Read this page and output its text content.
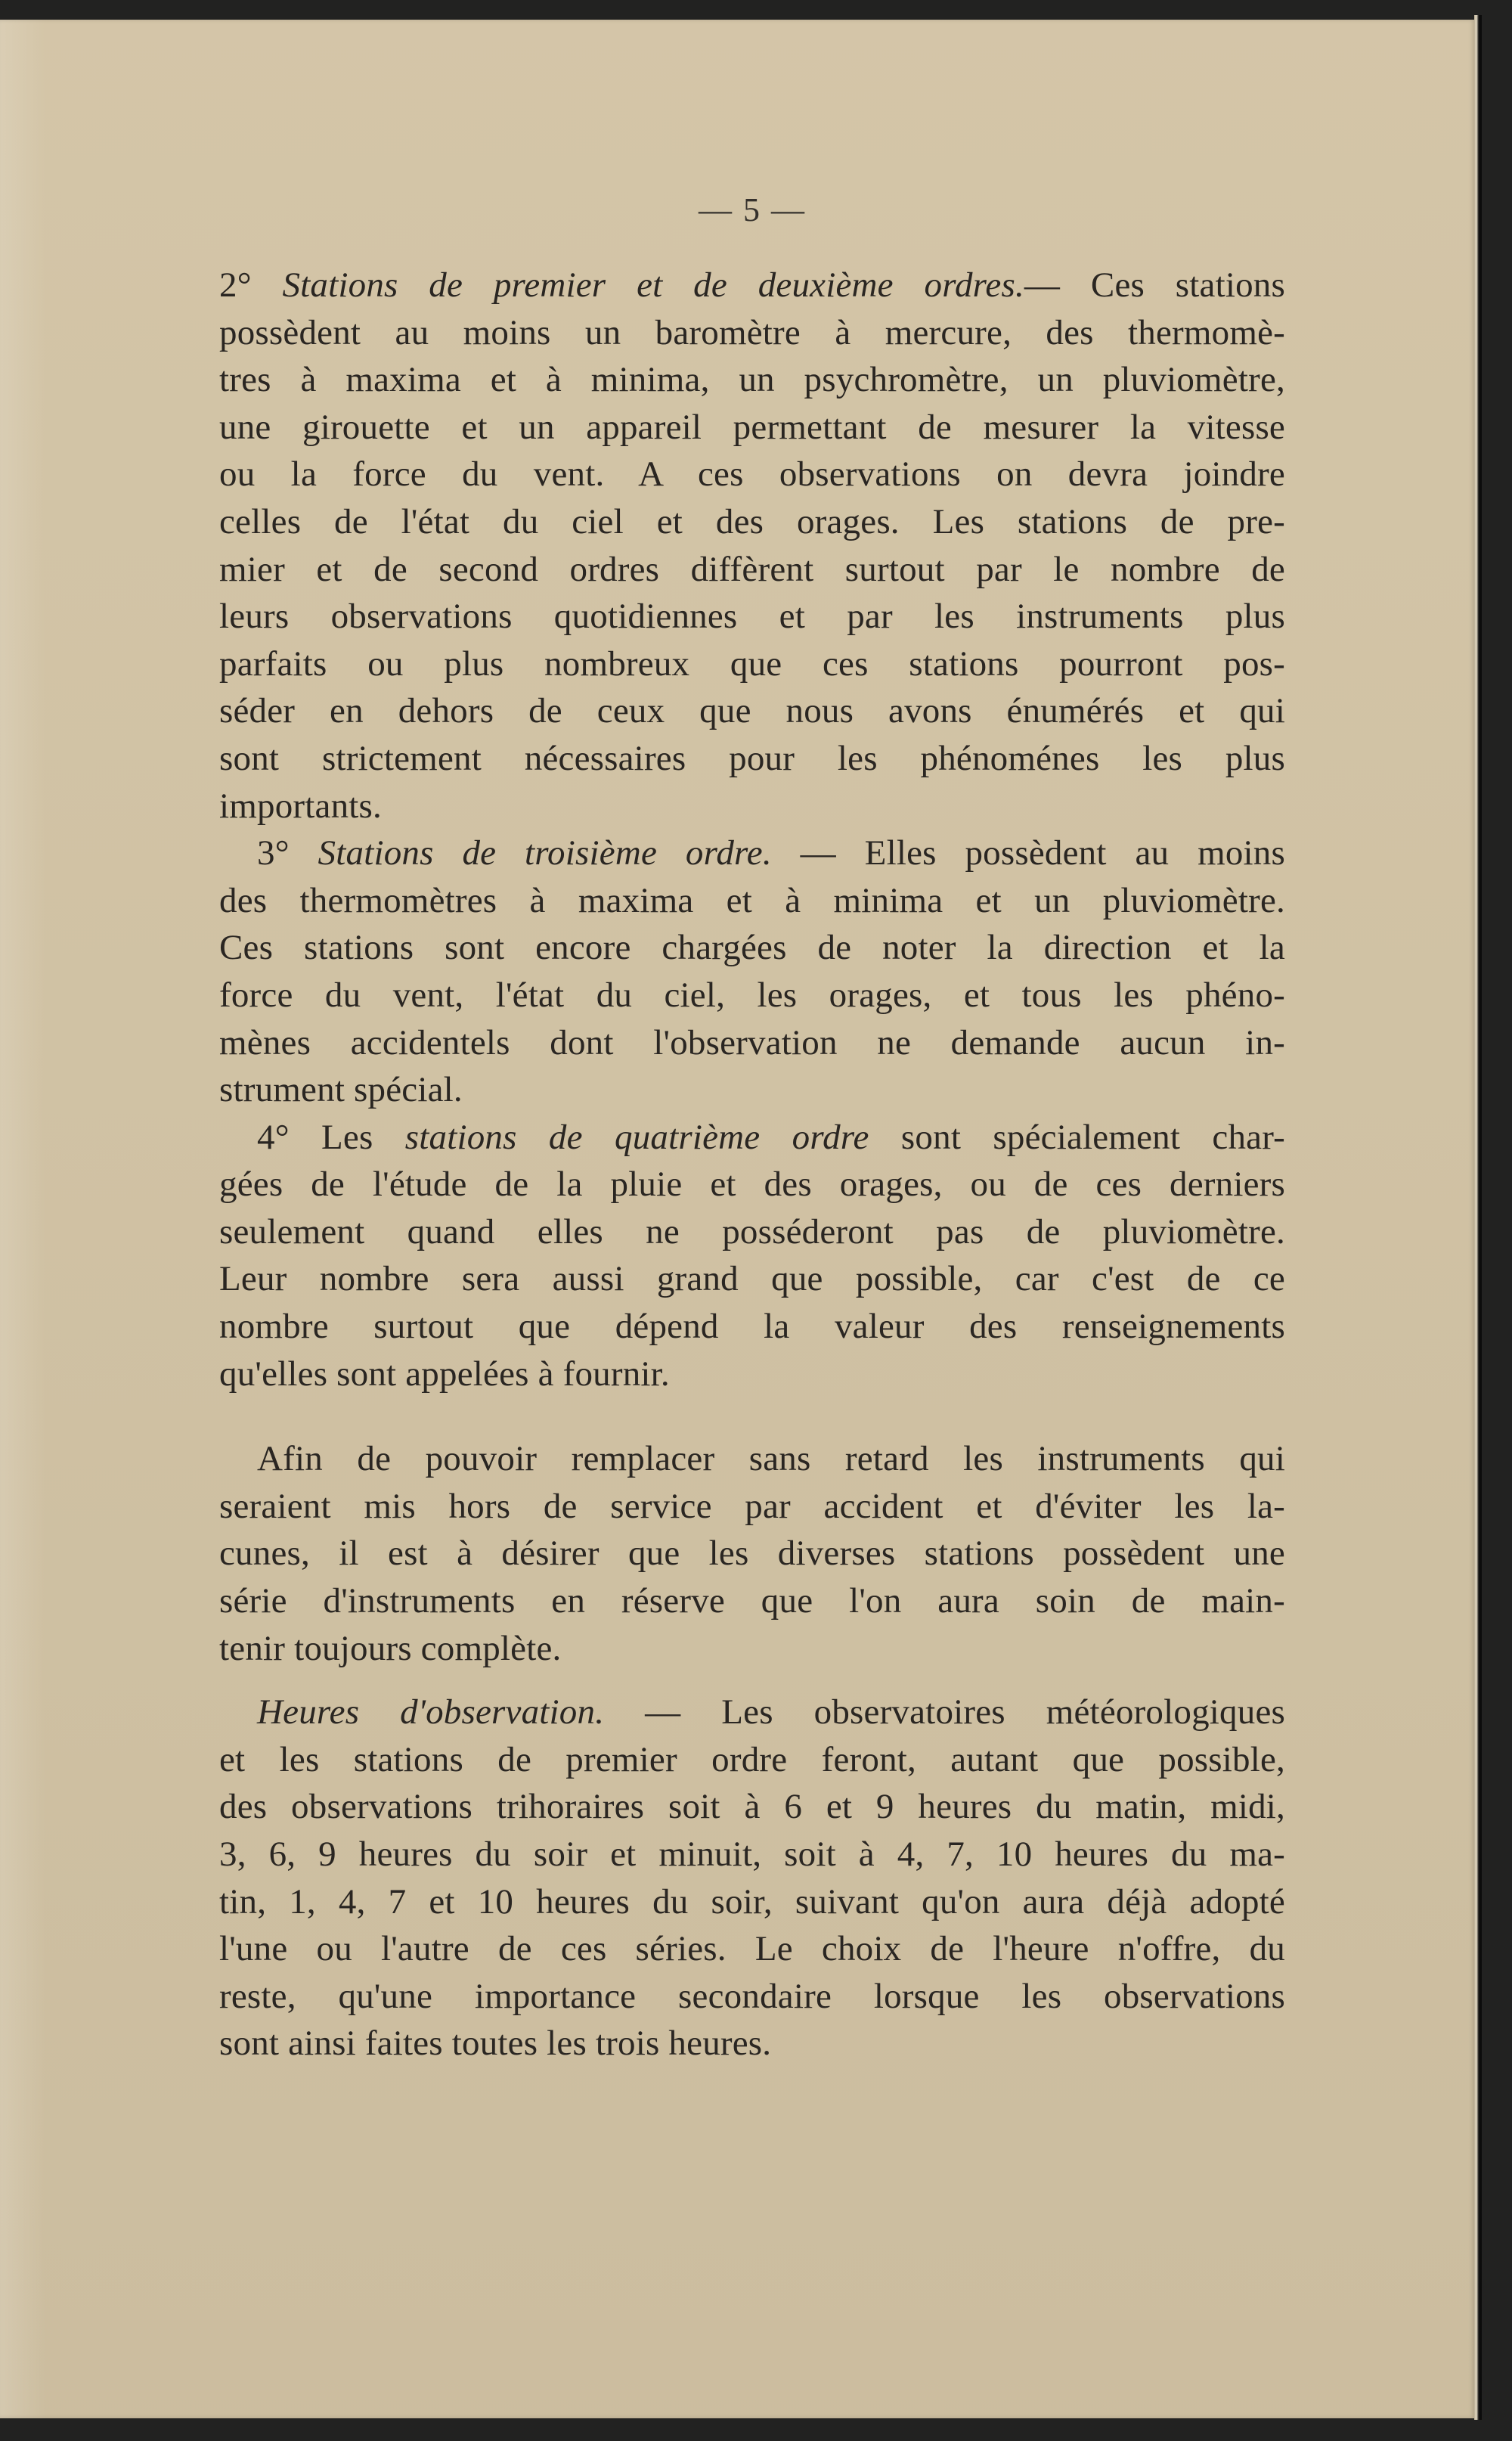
— 5 —
2° Stations de premier et de deuxième ordres.— Ces stations
possèdent au moins un baromètre à mercure, des thermomè-
tres à maxima et à minima, un psychromètre, un pluviomètre,
une girouette et un appareil permettant de mesurer la vitesse
ou la force du vent. A ces observations on devra joindre
celles de l'état du ciel et des orages. Les stations de pre-
mier et de second ordres diffèrent surtout par le nombre de
leurs observations quotidiennes et par les instruments plus
parfaits ou plus nombreux que ces stations pourront pos-
séder en dehors de ceux que nous avons énumérés et qui
sont strictement nécessaires pour les phénoménes les plus
importants.
3° Stations de troisième ordre. — Elles possèdent au moins
des thermomètres à maxima et à minima et un pluviomètre.
Ces stations sont encore chargées de noter la direction et la
force du vent, l'état du ciel, les orages, et tous les phéno-
mènes accidentels dont l'observation ne demande aucun in-
strument spécial.
4° Les stations de quatrième ordre sont spécialement char-
gées de l'étude de la pluie et des orages, ou de ces derniers
seulement quand elles ne posséderont pas de pluviomètre.
Leur nombre sera aussi grand que possible, car c'est de ce
nombre surtout que dépend la valeur des renseignements
qu'elles sont appelées à fournir.
Afin de pouvoir remplacer sans retard les instruments qui
seraient mis hors de service par accident et d'éviter les la-
cunes, il est à désirer que les diverses stations possèdent une
série d'instruments en réserve que l'on aura soin de main-
tenir toujours complète.
Heures d'observation. — Les observatoires météorologiques
et les stations de premier ordre feront, autant que possible,
des observations trihoraires soit à 6 et 9 heures du matin, midi,
3, 6, 9 heures du soir et minuit, soit à 4, 7, 10 heures du ma-
tin, 1, 4, 7 et 10 heures du soir, suivant qu'on aura déjà adopté
l'une ou l'autre de ces séries. Le choix de l'heure n'offre, du
reste, qu'une importance secondaire lorsque les observations
sont ainsi faites toutes les trois heures.
